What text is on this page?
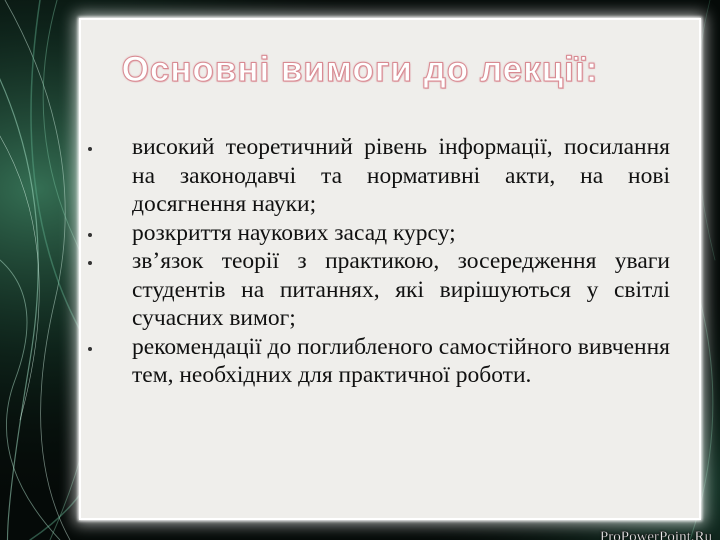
Основні вимоги до лекції:
високий теоретичний рівень інформації, посилання на законодавчі та нормативні акти, на нові досягнення науки;
розкриття наукових засад курсу;
зв’язок теорії з практикою, зосередження уваги студентів на питаннях, які вирішуються у світлі сучасних вимог;
рекомендації до поглибленого самостійного вивчення тем, необхідних для практичної роботи.
ProPowerPoint.Ru
